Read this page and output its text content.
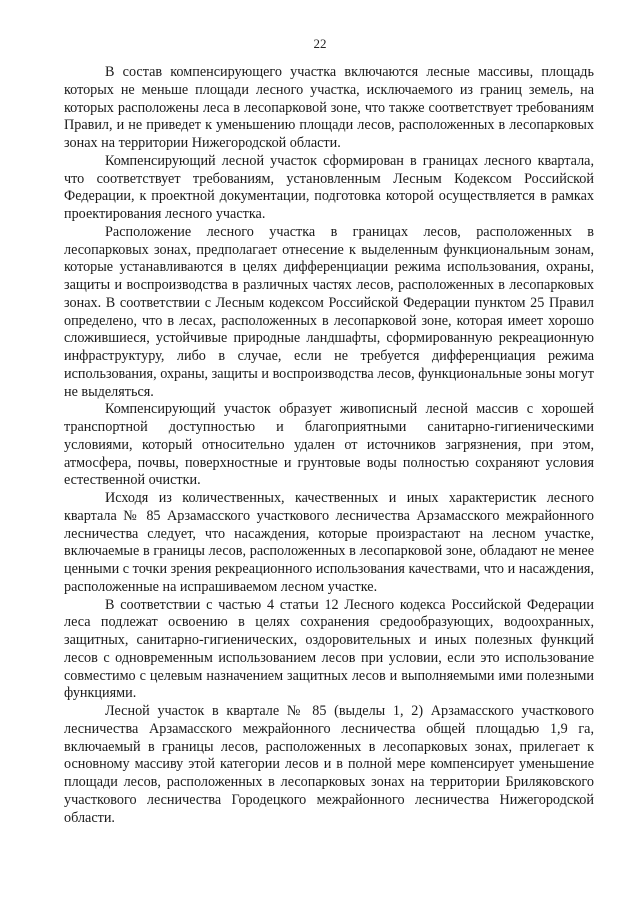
22

В состав компенсирующего участка включаются лесные массивы, площадь которых не меньше площади лесного участка, исключаемого из границ земель, на которых расположены леса в лесопарковой зоне, что также соответствует требованиям Правил, и не приведет к уменьшению площади лесов, расположенных в лесопарковых зонах на территории Нижегородской области.

Компенсирующий лесной участок сформирован в границах лесного квартала, что соответствует требованиям, установленным Лесным Кодексом Российской Федерации, к проектной документации, подготовка которой осуществляется в рамках проектирования лесного участка.

Расположение лесного участка в границах лесов, расположенных в лесопарковых зонах, предполагает отнесение к выделенным функциональным зонам, которые устанавливаются в целях дифференциации режима использования, охраны, защиты и воспроизводства в различных частях лесов, расположенных в лесопарковых зонах. В соответствии с Лесным кодексом Российской Федерации пунктом 25 Правил определено, что в лесах, расположенных в лесопарковой зоне, которая имеет хорошо сложившиеся, устойчивые природные ландшафты, сформированную рекреационную инфраструктуру, либо в случае, если не требуется дифференциация режима использования, охраны, защиты и воспроизводства лесов, функциональные зоны могут не выделяться.

Компенсирующий участок образует живописный лесной массив с хорошей транспортной доступностью и благоприятными санитарно-гигиеническими условиями, который относительно удален от источников загрязнения, при этом, атмосфера, почвы, поверхностные и грунтовые воды полностью сохраняют условия естественной очистки.

Исходя из количественных, качественных и иных характеристик лесного квартала № 85 Арзамасского участкового лесничества Арзамасского межрайонного лесничества следует, что насаждения, которые произрастают на лесном участке, включаемые в границы лесов, расположенных в лесопарковой зоне, обладают не менее ценными с точки зрения рекреационного использования качествами, что и насаждения, расположенные на испрашиваемом лесном участке.

В соответствии с частью 4 статьи 12 Лесного кодекса Российской Федерации леса подлежат освоению в целях сохранения средообразующих, водоохранных, защитных, санитарно-гигиенических, оздоровительных и иных полезных функций лесов с одновременным использованием лесов при условии, если это использование совместимо с целевым назначением защитных лесов и выполняемыми ими полезными функциями.

Лесной участок в квартале № 85 (выделы 1, 2) Арзамасского участкового лесничества Арзамасского межрайонного лесничества общей площадью 1,9 га, включаемый в границы лесов, расположенных в лесопарковых зонах, прилегает к основному массиву этой категории лесов и в полной мере компенсирует уменьшение площади лесов, расположенных в лесопарковых зонах на территории Бриляковского участкового лесничества Городецкого межрайонного лесничества Нижегородской области.
